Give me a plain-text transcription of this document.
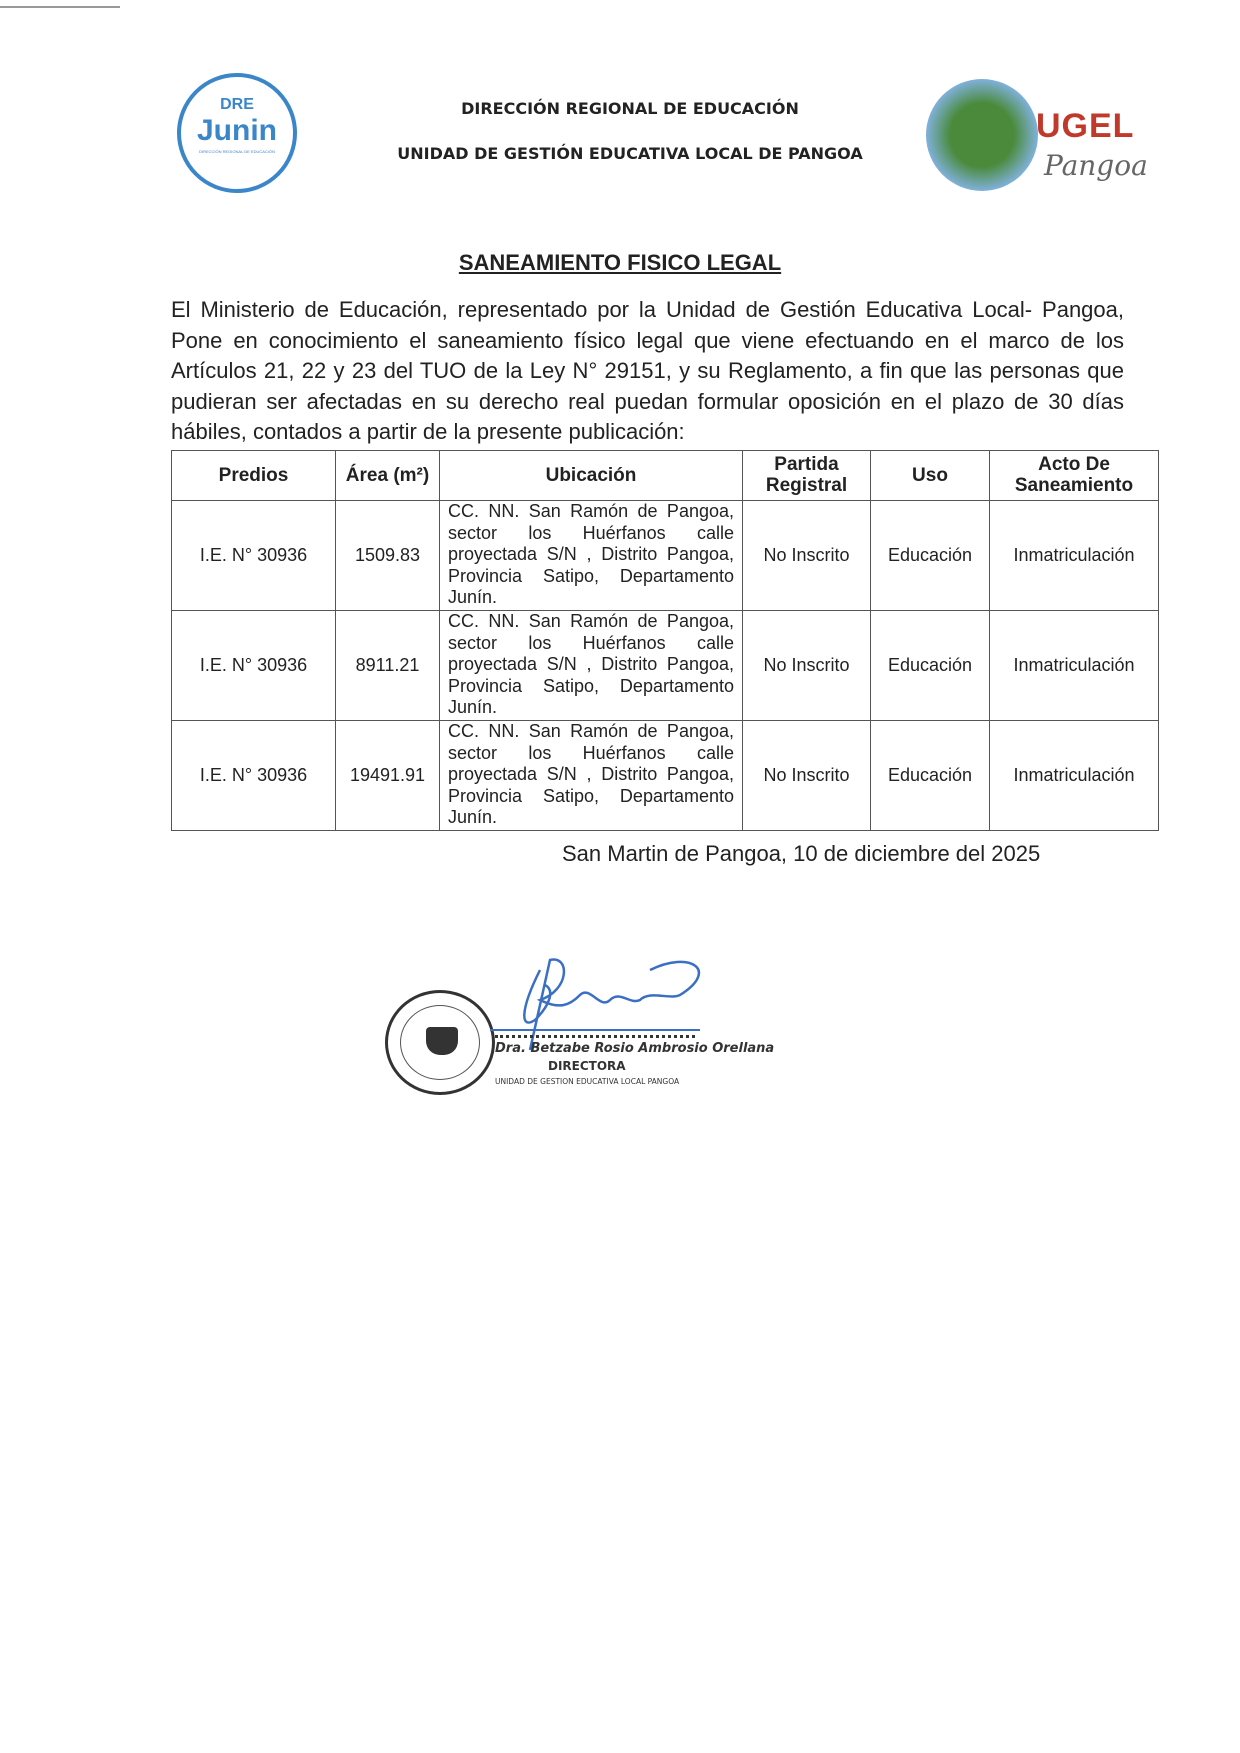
DRE
Junin
DIRECCIÓN REGIONAL DE EDUCACIÓN
DIRECCIÓN REGIONAL DE EDUCACIÓN
UNIDAD DE GESTIÓN EDUCATIVA LOCAL DE PANGOA
UGEL
Pangoa
SANEAMIENTO FISICO LEGAL
El Ministerio de Educación, representado por la Unidad de Gestión Educativa Local- Pangoa, Pone en conocimiento el saneamiento físico legal que viene efectuando en el marco de los Artículos 21, 22 y 23 del TUO de la Ley N° 29151, y su Reglamento, a fin que las personas que pudieran ser afectadas en su derecho real puedan formular oposición en el plazo de 30 días hábiles, contados a partir de la presente publicación:
Predios	Área (m²)	Ubicación	Partida Registral	Uso	Acto De Saneamiento
I.E. N° 30936	1509.83	CC. NN. San Ramón de Pangoa, sector los Huérfanos calle proyectada S/N , Distrito Pangoa, Provincia Satipo, Departamento Junín.	No Inscrito	Educación	Inmatriculación
I.E. N° 30936	8911.21	CC. NN. San Ramón de Pangoa, sector los Huérfanos calle proyectada S/N , Distrito Pangoa, Provincia Satipo, Departamento Junín.	No Inscrito	Educación	Inmatriculación
I.E. N° 30936	19491.91	CC. NN. San Ramón de Pangoa, sector los Huérfanos calle proyectada S/N , Distrito Pangoa, Provincia Satipo, Departamento Junín.	No Inscrito	Educación	Inmatriculación
San Martin de Pangoa, 10 de diciembre del 2025
Dra. Betzabe Rosio Ambrosio Orellana
DIRECTORA
UNIDAD DE GESTION EDUCATIVA LOCAL PANGOA
